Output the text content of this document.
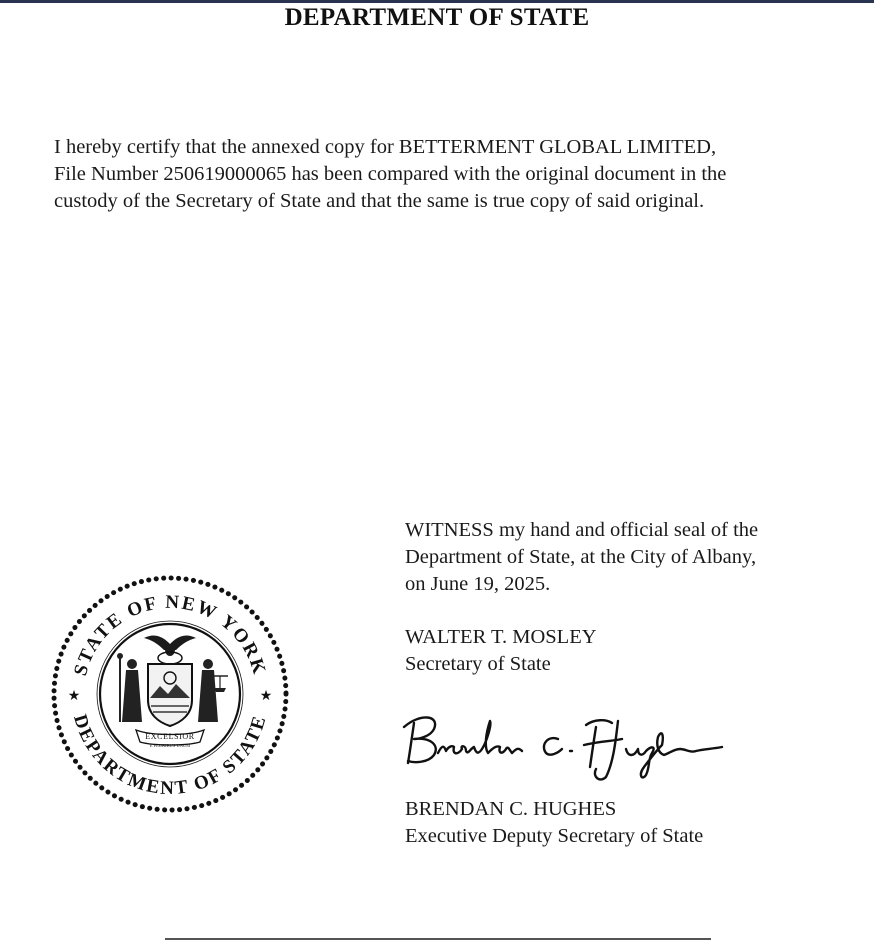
DEPARTMENT OF STATE

I hereby certify that the annexed copy for BETTERMENT GLOBAL LIMITED,
File Number 250619000065 has been compared with the original document in the
custody of the Secretary of State and that the same is true copy of said original.

WITNESS my hand and official seal of the
Department of State, at the City of Albany,
on June 19, 2025.
WALTER T. MOSLEY
Secretary of State
BRENDAN C. HUGHES
Executive Deputy Secretary of State
STATE OF NEW YORK
DEPARTMENT OF STATE
★	★
EXCELSIOR
E PLURIBUS UNUM
